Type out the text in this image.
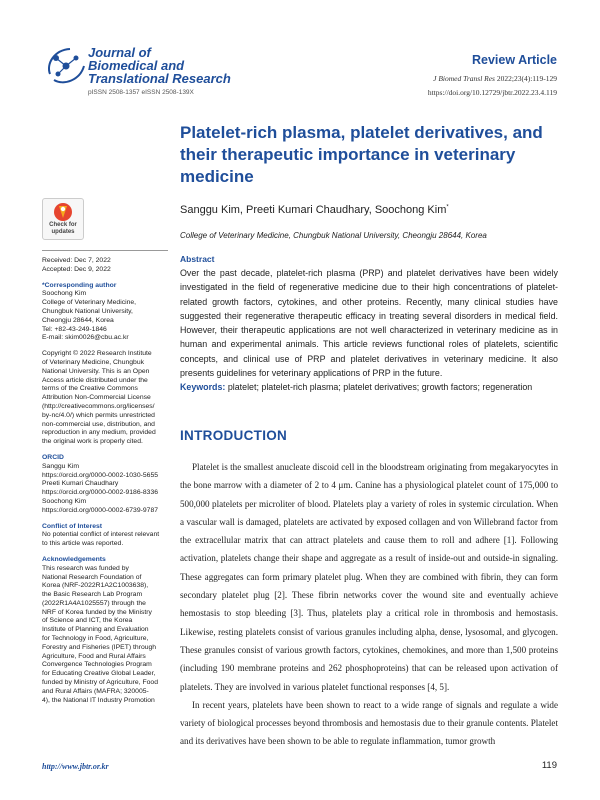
Journal of
Biomedical and
Translational Research
pISSN 2508-1357 eISSN 2508-139X
Review Article
J Biomed Transl Res 2022;23(4):119-129
https://doi.org/10.12729/jbtr.2022.23.4.119
Platelet-rich plasma, platelet derivatives, and their therapeutic importance in veterinary medicine
Sanggu Kim, Preeti Kumari Chaudhary, Soochong Kim*
College of Veterinary Medicine, Chungbuk National University, Cheongju 28644, Korea
Check for
updates
Received: Dec 7, 2022
Accepted: Dec 9, 2022
*Corresponding author
Soochong Kim
College of Veterinary Medicine,
Chungbuk National University,
Cheongju 28644, Korea
Tel: +82-43-249-1846
E-mail: skim0026@cbu.ac.kr
Copyright © 2022 Research Institute
of Veterinary Medicine, Chungbuk
National University. This is an Open
Access article distributed under the
terms of the Creative Commons
Attribution Non-Commercial License
(http://creativecommons.org/licenses/
by-nc/4.0/) which permits unrestricted
non-commercial use, distribution, and
reproduction in any medium, provided
the original work is properly cited.
ORCID
Sanggu Kim
https://orcid.org/0000-0002-1030-5655
Preeti Kumari Chaudhary
https://orcid.org/0000-0002-9186-8336
Soochong Kim
https://orcid.org/0000-0002-6739-9787
Conflict of Interest
No potential conflict of interest relevant
to this article was reported.
Acknowledgements
This research was funded by
National Research Foundation of
Korea (NRF-2022R1A2C1003638),
the Basic Research Lab Program
(2022R1A4A1025557) through the
NRF of Korea funded by the Ministry
of Science and ICT, the Korea
Institute of Planning and Evaluation
for Technology in Food, Agriculture,
Forestry and Fisheries (IPET) through
Agriculture, Food and Rural Affairs
Convergence Technologies Program
for Educating Creative Global Leader,
funded by Ministry of Agriculture, Food
and Rural Affairs (MAFRA; 320005-
4), the National IT Industry Promotion
Abstract

Over the past decade, platelet-rich plasma (PRP) and platelet derivatives have been widely investigated in the field of regenerative medicine due to their high concentrations of platelet-related growth factors, cytokines, and other proteins. Recently, many clinical studies have suggested their regenerative therapeutic efficacy in treating several disorders in medical field. However, their therapeutic applications are not well characterized in veterinary medicine as in human and experimental animals. This article reviews functional roles of platelets, scientific concepts, and clinical use of PRP and platelet derivatives in veterinary medicine. It also presents guidelines for veterinary applications of PRP in the future.

Keywords: platelet; platelet-rich plasma; platelet derivatives; growth factors; regeneration
INTRODUCTION

Platelet is the smallest anucleate discoid cell in the bloodstream originating from megakaryocytes in the bone marrow with a diameter of 2 to 4 μm. Canine has a physiological platelet count of 175,000 to 500,000 platelets per microliter of blood. Platelets play a variety of roles in systemic circulation. When a vascular wall is damaged, platelets are activated by exposed collagen and von Willebrand factor from the extracellular matrix that can attract platelets and cause them to roll and adhere [1]. Following activation, platelets change their shape and aggregate as a result of inside-out and outside-in signaling. These aggregates can form primary platelet plug. When they are combined with fibrin, they can form secondary platelet plug [2]. These fibrin networks cover the wound site and eventually achieve hemostasis to stop bleeding [3]. Thus, platelets play a critical role in thrombosis and hemostasis. Likewise, resting platelets consist of various granules including alpha, dense, lysosomal, and glycogen. These granules consist of various growth factors, cytokines, chemokines, and more than 1,500 proteins (including 190 membrane proteins and 262 phosphoproteins) that can be released upon activation of platelets. They are involved in various platelet functional responses [4, 5].

In recent years, platelets have been shown to react to a wide range of signals and regulate a wide variety of biological processes beyond thrombosis and hemostasis due to their granule contents. Platelet and its derivatives have been shown to be able to regulate inflammation, tumor growth

http://www.jbtr.or.kr	119
